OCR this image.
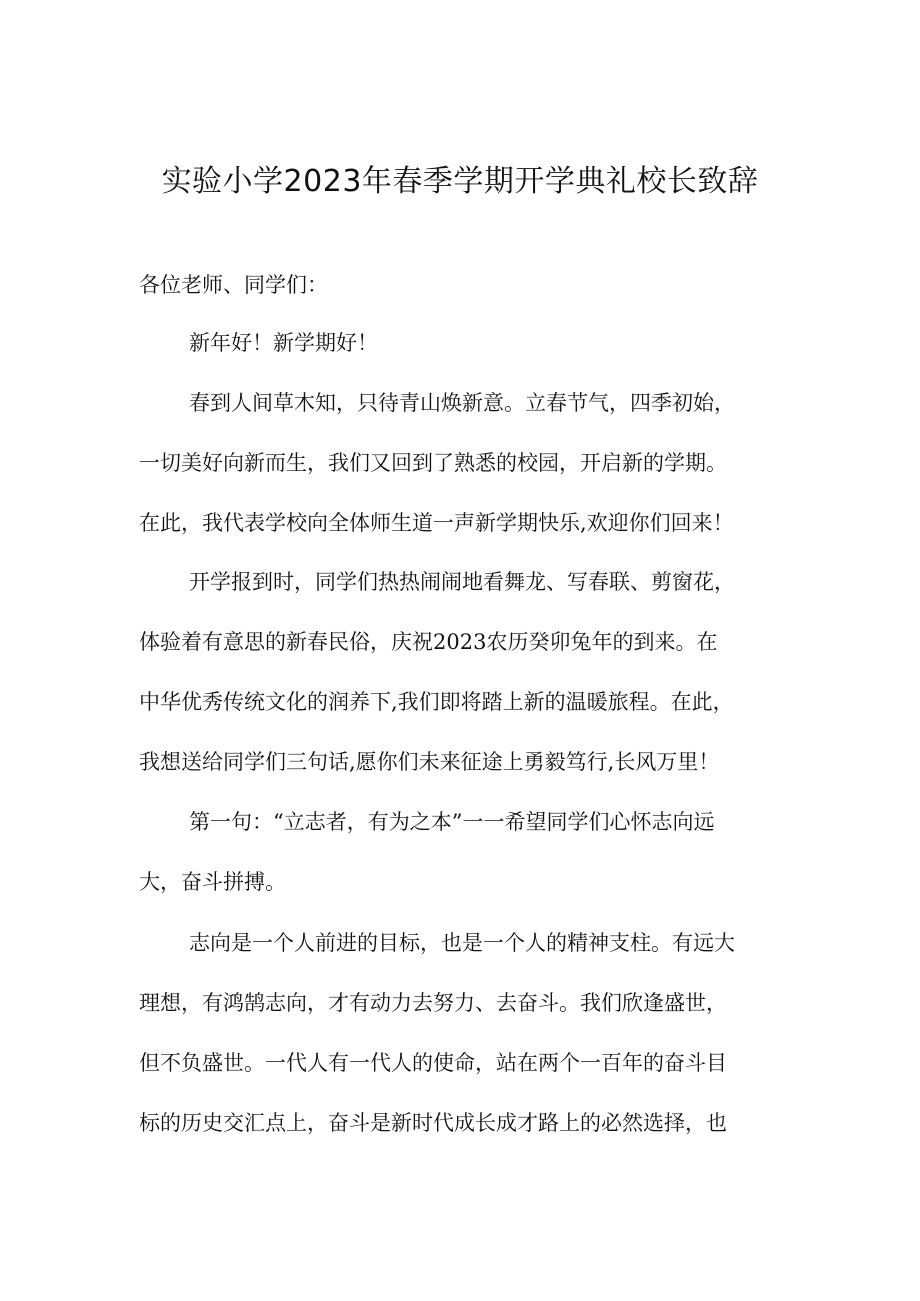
实验小学2023年春季学期开学典礼校长致辞
各位老师、同学们：
新年好！新学期好！
春到人间草木知，只待青山焕新意。立春节气，四季初始，
一切美好向新而生，我们又回到了熟悉的校园，开启新的学期。
在此，我代表学校向全体师生道一声新学期快乐,欢迎你们回来！
开学报到时，同学们热热闹闹地看舞龙、写春联、剪窗花，
体验着有意思的新春民俗，庆祝2023农历癸卯兔年的到来。在
中华优秀传统文化的润养下,我们即将踏上新的温暖旅程。在此，
我想送给同学们三句话,愿你们未来征途上勇毅笃行,长风万里！
第一句：“立志者，有为之本”一一希望同学们心怀志向远
大，奋斗拼搏。
志向是一个人前进的目标，也是一个人的精神支柱。有远大
理想，有鸿鹄志向，才有动力去努力、去奋斗。我们欣逢盛世，
但不负盛世。一代人有一代人的使命，站在两个一百年的奋斗目
标的历史交汇点上，奋斗是新时代成长成才路上的必然选择，也
